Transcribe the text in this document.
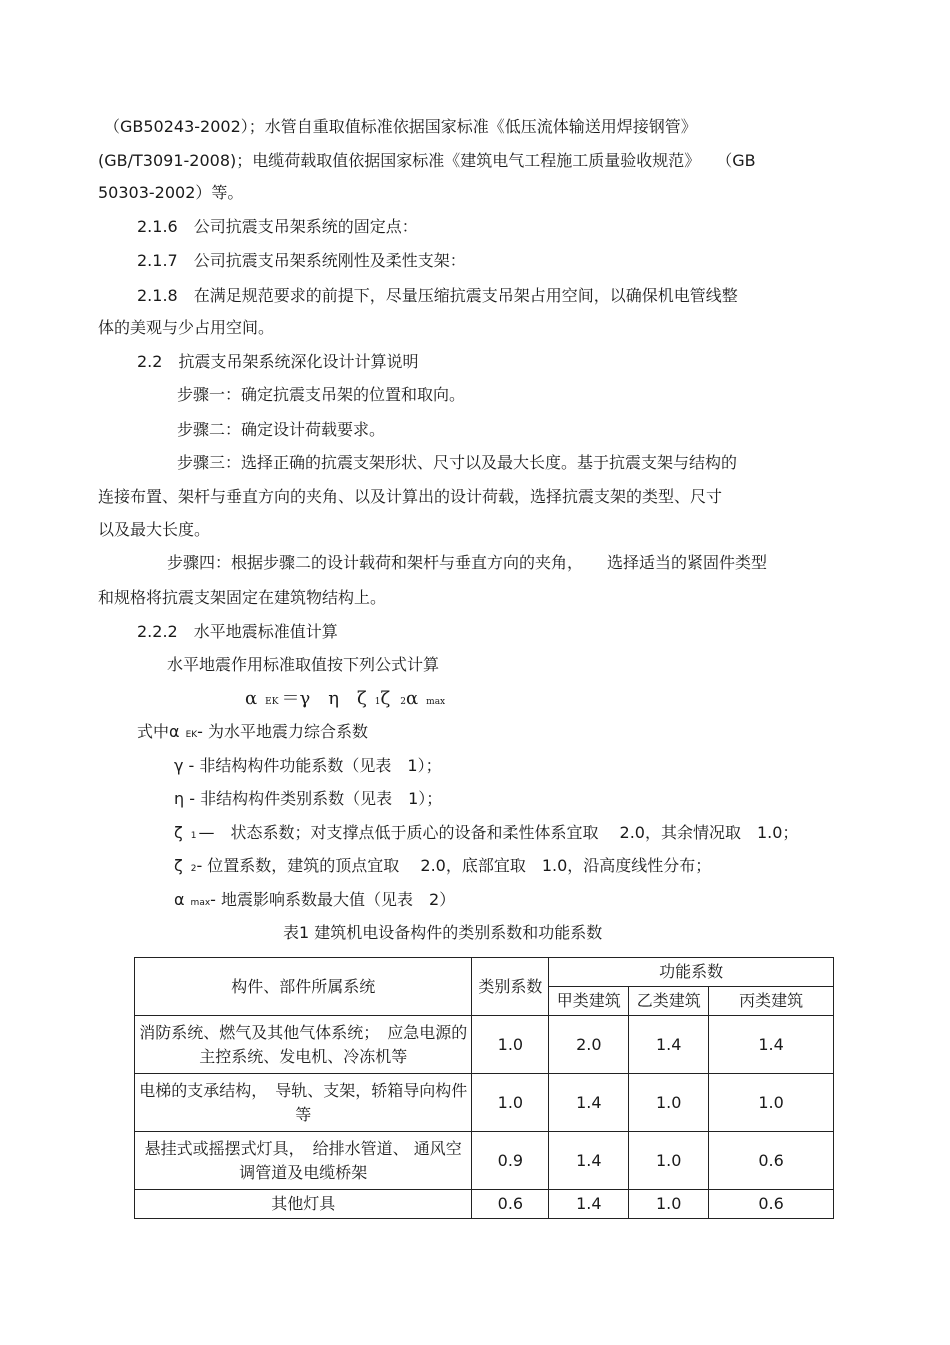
（GB50243-2002）；水管自重取值标准依据国家标准《低压流体输送用焊接钢管》
(GB/T3091-2008)；电缆荷载取值依据国家标准《建筑电气工程施工质量验收规范》　　（GB
50303-2002）等。
2.1.6　公司抗震支吊架系统的固定点：
2.1.7　公司抗震支吊架系统刚性及柔性支架：
2.1.8　在满足规范要求的前提下，尽量压缩抗震支吊架占用空间，以确保机电管线整
体的美观与少占用空间。
2.2　抗震支吊架系统深化设计计算说明
步骤一：确定抗震支吊架的位置和取向。
步骤二：确定设计荷载要求。
步骤三：选择正确的抗震支架形状、尺寸以及最大长度。基于抗震支架与结构的
连接布置、架杆与垂直方向的夹角、以及计算出的设计荷载，选择抗震支架的类型、尺寸
以及最大长度。
步骤四：根据步骤二的设计载荷和架杆与垂直方向的夹角，　　选择适当的紧固件类型
和规格将抗震支架固定在建筑物结构上。
2.2.2　水平地震标准值计算
水平地震作用标准取值按下列公式计算
αEK ＝γ　η　ζ 1ζ 2α max
式中α EK- 为水平地震力综合系数
γ - 非结构构件功能系数（见表　1）；
η - 非结构构件类别系数（见表　1）；
ζ 1 —　状态系数；对支撑点低于质心的设备和柔性体系宜取　 2.0，其余情况取　1.0；
ζ 2- 位置系数，建筑的顶点宜取　 2.0，底部宜取　1.0，沿高度线性分布；
αmax- 地震影响系数最大值（见表　2）
表1 建筑机电设备构件的类别系数和功能系数
构件、部件所属系统	类别系数	功能系数		
		甲类建筑	乙类建筑	丙类建筑
消防系统、燃气及其他气体系统；　应急电源的主控系统、发电机、冷冻机等	1.0	2.0	1.4	1.4
电梯的支承结构，　导轨、支架，轿箱导向构件等	1.0	1.4	1.0	1.0
悬挂式或摇摆式灯具，　给排水管道、 通风空调管道及电缆桥架	0.9	1.4	1.0	0.6
其他灯具	0.6	1.4	1.0	0.6
